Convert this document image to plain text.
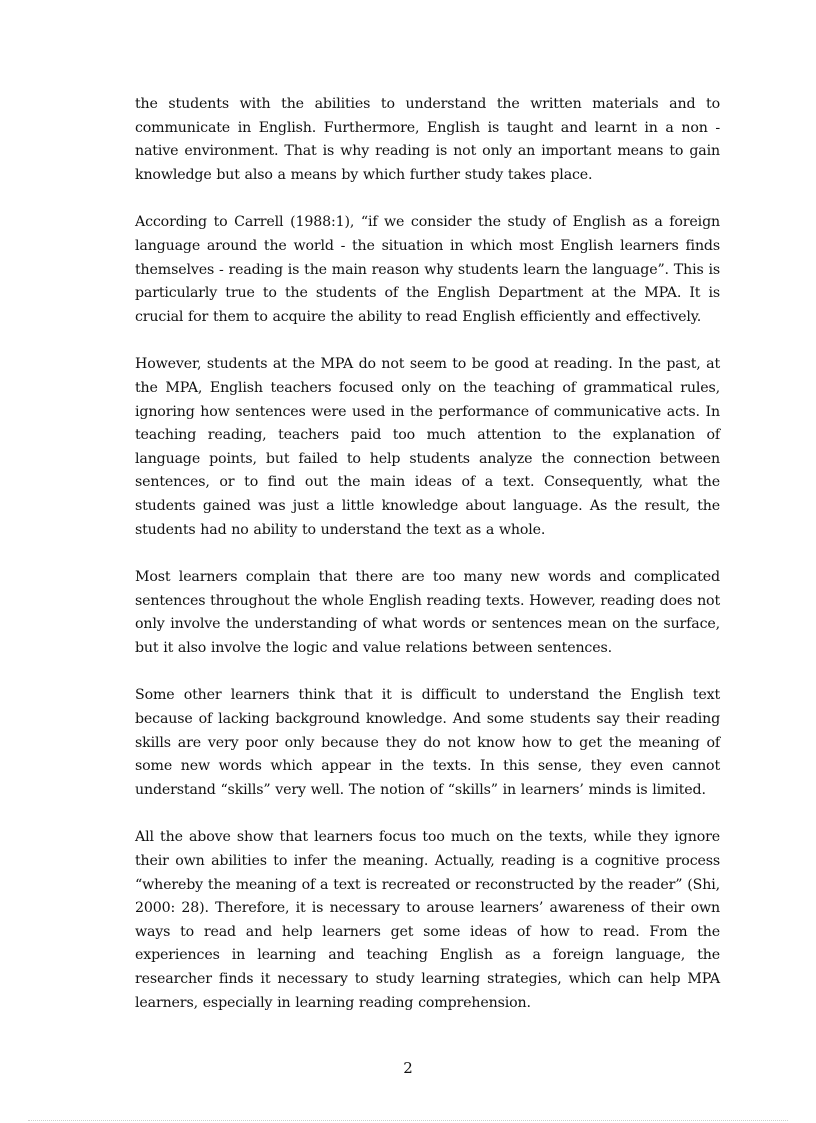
the students with the abilities to understand the written materials and to communicate in English. Furthermore, English is taught and learnt in a non - native environment. That is why reading is not only an important means to gain knowledge but also a means by which further study takes place.

According to Carrell (1988:1), “if we consider the study of English as a foreign language around the world - the situation in which most English learners finds themselves - reading is the main reason why students learn the language”. This is particularly true to the students of the English Department at the MPA. It is crucial for them to acquire the ability to read English efficiently and effectively.

However, students at the MPA do not seem to be good at reading. In the past, at the MPA, English teachers focused only on the teaching of grammatical rules, ignoring how sentences were used in the performance of communicative acts. In teaching reading, teachers paid too much attention to the explanation of language points, but failed to help students analyze the connection between sentences, or to find out the main ideas of a text. Consequently, what the students gained was just a little knowledge about language. As the result, the students had no ability to understand the text as a whole.

Most learners complain that there are too many new words and complicated sentences throughout the whole English reading texts. However, reading does not only involve the understanding of what words or sentences mean on the surface, but it also involve the logic and value relations between sentences.

Some other learners think that it is difficult to understand the English text because of lacking background knowledge. And some students say their reading skills are very poor only because they do not know how to get the meaning of some new words which appear in the texts. In this sense, they even cannot understand “skills” very well. The notion of “skills” in learners’ minds is limited.

All the above show that learners focus too much on the texts, while they ignore their own abilities to infer the meaning. Actually, reading is a cognitive process “whereby the meaning of a text is recreated or reconstructed by the reader” (Shi, 2000: 28). Therefore, it is necessary to arouse learners’ awareness of their own ways to read and help learners get some ideas of how to read. From the experiences in learning and teaching English as a foreign language, the researcher finds it necessary to study learning strategies, which can help MPA learners, especially in learning reading comprehension.

2
